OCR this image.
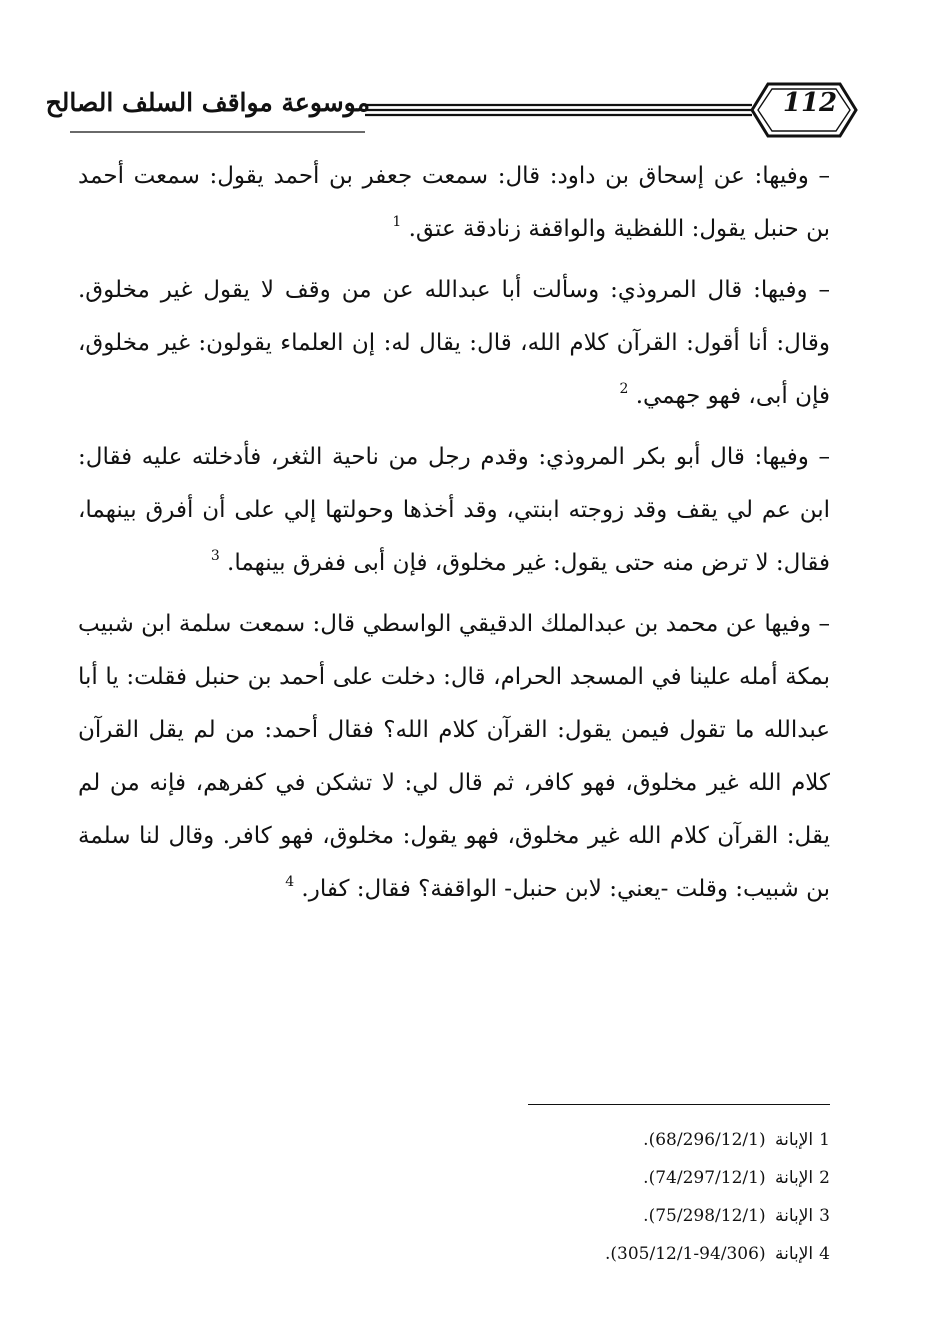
112
موسوعة مواقف السلف الصالح

– وفيها: عن إسحاق بن داود: قال: سمعت جعفر بن أحمد يقول: سمعت أحمد بن حنبل يقول: اللفظية والواقفة زنادقة عتق. $^1$

– وفيها: قال المروذي: وسألت أبا عبدالله عن من وقف لا يقول غير مخلوق. وقال: أنا أقول: القرآن كلام الله، قال: يقال له: إن العلماء يقولون: غير مخلوق، فإن أبى، فهو جهمي. $^2$

– وفيها: قال أبو بكر المروذي: وقدم رجل من ناحية الثغر، فأدخلته عليه فقال: ابن عم لي يقف وقد زوجته ابنتي، وقد أخذها وحولتها إلي على أن أفرق بينهما، فقال: لا ترض منه حتى يقول: غير مخلوق، فإن أبى ففرق بينهما. $^3$

– وفيها عن محمد بن عبدالملك الدقيقي الواسطي قال: سمعت سلمة ابن شبيب بمكة أمله علينا في المسجد الحرام، قال: دخلت على أحمد بن حنبل فقلت: يا أبا عبدالله ما تقول فيمن يقول: القرآن كلام الله؟ فقال أحمد: من لم يقل القرآن كلام الله غير مخلوق، فهو كافر، ثم قال لي: لا تشكن في كفرهم، فإنه من لم يقل: القرآن كلام الله غير مخلوق، فهو يقول: مخلوق، فهو كافر. وقال لنا سلمة بن شبيب: وقلت -يعني: لابن حنبل- الواقفة؟ فقال: كفار. $^4$

1الإبانة (68/296/12/1).
2الإبانة (74/297/12/1).
3الإبانة (75/298/12/1).
4الإبانة (94/306-305/12/1).
